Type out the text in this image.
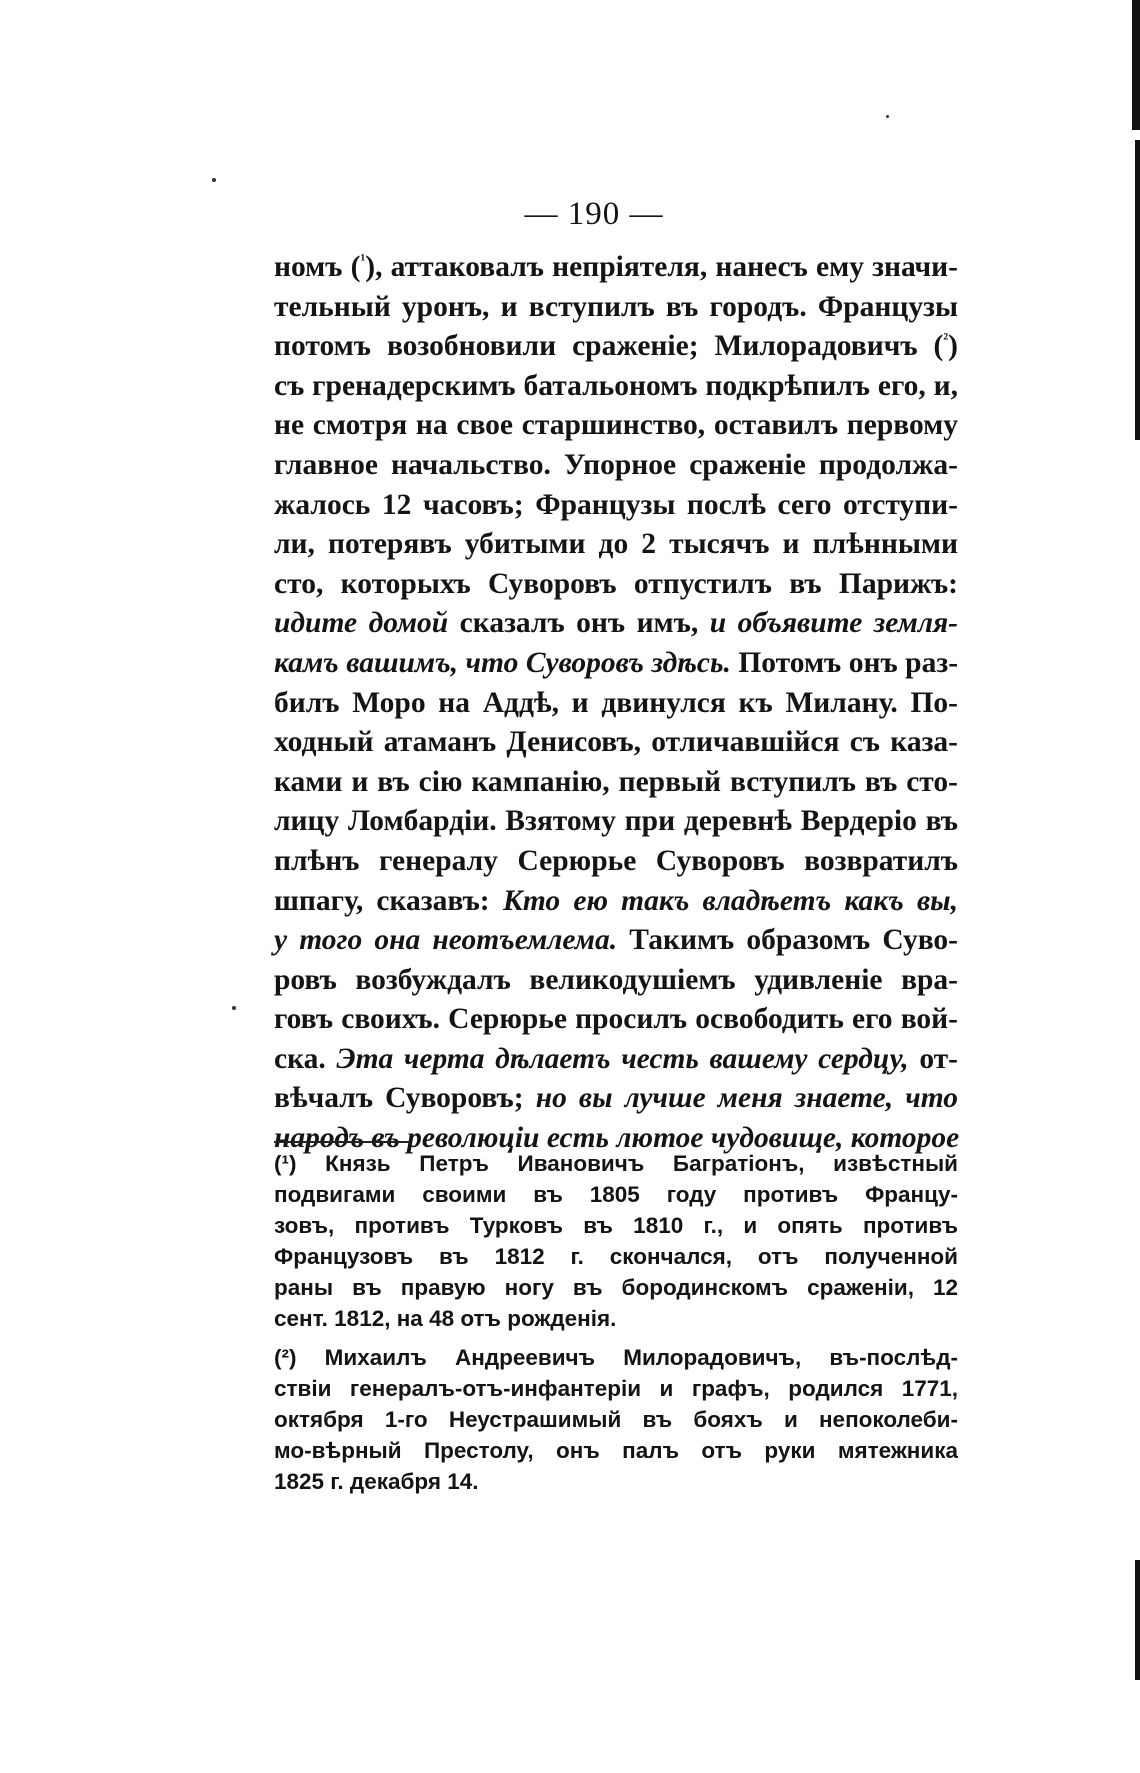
— 190 —
номъ ($^{^1}$), аттаковалъ непріятеля, нанесъ ему значи-
тельный уронъ, и вступилъ въ городъ. Французы
потомъ возобновили сраженіе; Милорадовичъ ($^{^2}$)
съ гренадерскимъ батальономъ подкрѣпилъ его, и,
не смотря на свое старшинство, оставилъ первому
главное начальство. Упорное сраженіе продолжа-
жалось 12 часовъ; Французы послѣ сего отступи-
ли, потерявъ убитыми до 2 тысячъ и плѣнными
сто, которыхъ Суворовъ отпустилъ въ Парижъ:
идите домой сказалъ онъ имъ, и объявите земля-
камъ вашимъ, что Суворовъ здѣсь. Потомъ онъ раз-
билъ Моро на Аддѣ, и двинулся къ Милану. По-
ходный атаманъ Денисовъ, отличавшійся съ каза-
ками и въ сію кампанію, первый вступилъ въ сто-
лицу Ломбардіи. Взятому при деревнѣ Вердеріо въ
плѣнъ генералу Серюрье Суворовъ возвратилъ
шпагу, сказавъ: Кто ею такъ владѣетъ какъ вы,
у того она неотъемлема. Такимъ образомъ Суво-
ровъ возбуждалъ великодушіемъ удивленіе вра-
говъ своихъ. Серюрье просилъ освободить его вой-
ска. Эта черта дѣлаетъ честь вашему сердцу, от-
вѣчалъ Суворовъ; но вы лучше меня знаете, что
народъ въ революціи есть лютое чудовище, которое
(¹) Князь Петръ Ивановичъ Багратіонъ, извѣстный
подвигами своими въ 1805 году противъ Францу-
зовъ, противъ Турковъ въ 1810 г., и опять противъ
Французовъ въ 1812 г. скончался, отъ полученной
раны въ правую ногу въ бородинскомъ сраженіи, 12
сент. 1812, на 48 отъ рожденія.
(²) Михаилъ Андреевичъ Милорадовичъ, въ-послѣд-
ствіи генералъ-отъ-инфантеріи и графъ, родился 1771,
октября 1-го Неустрашимый въ бояхъ и непоколеби-
мо-вѣрный Престолу, онъ палъ отъ руки мятежника
1825 г. декабря 14.
